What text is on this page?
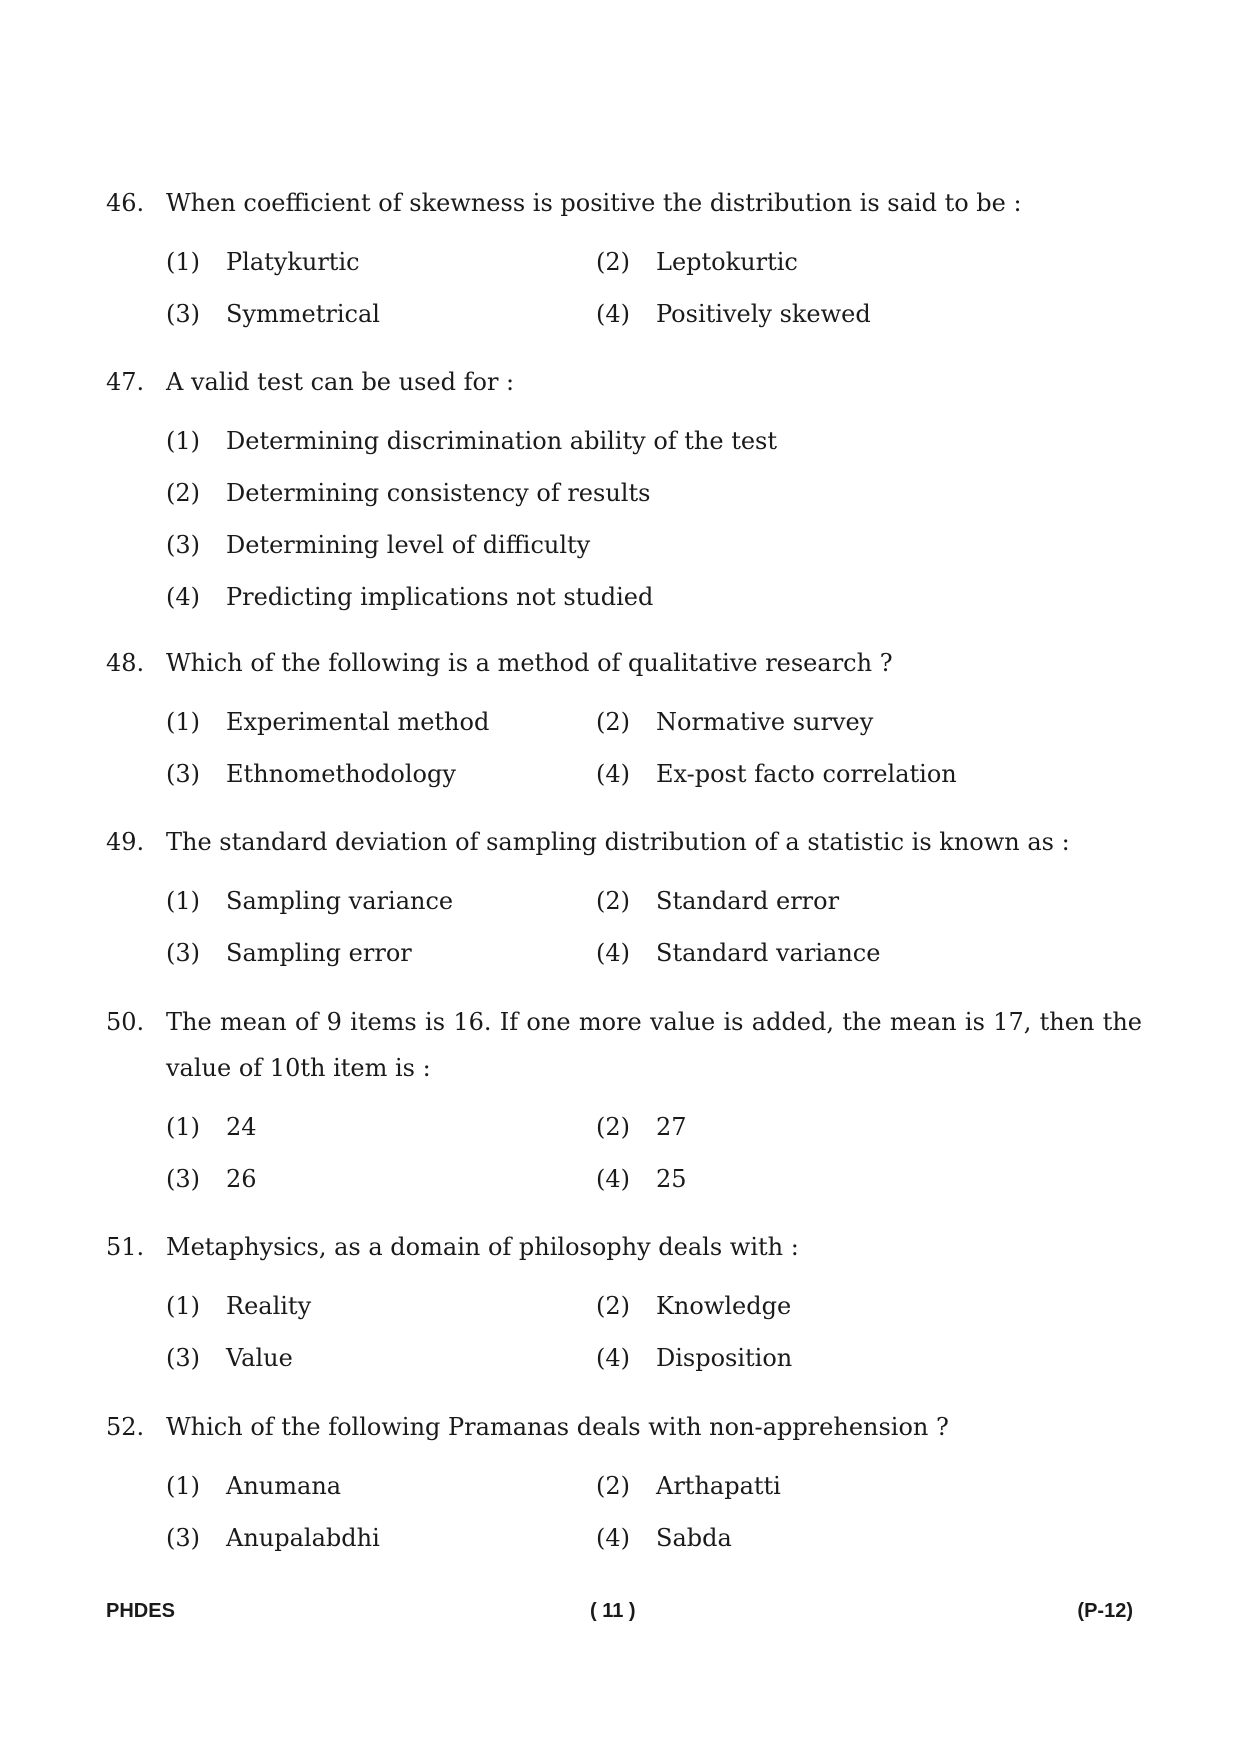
46. When coefficient of skewness is positive the distribution is said to be :
(1)	Platykurtic	(2)	Leptokurtic
(3)	Symmetrical	(4)	Positively skewed
47. A valid test can be used for :
(1)	Determining discrimination ability of the test
(2)	Determining consistency of results
(3)	Determining level of difficulty
(4)	Predicting implications not studied
48. Which of the following is a method of qualitative research ?
(1)	Experimental method	(2)	Normative survey
(3)	Ethnomethodology	(4)	Ex-post facto correlation
49. The standard deviation of sampling distribution of a statistic is known as :
(1)	Sampling variance	(2)	Standard error
(3)	Sampling error	(4)	Standard variance
50. The mean of 9 items is 16. If one more value is added, the mean is 17, then the value of 10th item is :
(1)	24	(2)	27
(3)	26	(4)	25
51. Metaphysics, as a domain of philosophy deals with :
(1)	Reality	(2)	Knowledge
(3)	Value	(4)	Disposition
52. Which of the following Pramanas deals with non-apprehension ?
(1)	Anumana	(2)	Arthapatti
(3)	Anupalabdhi	(4)	Sabda
PHDES	( 11 )	(P-12)
